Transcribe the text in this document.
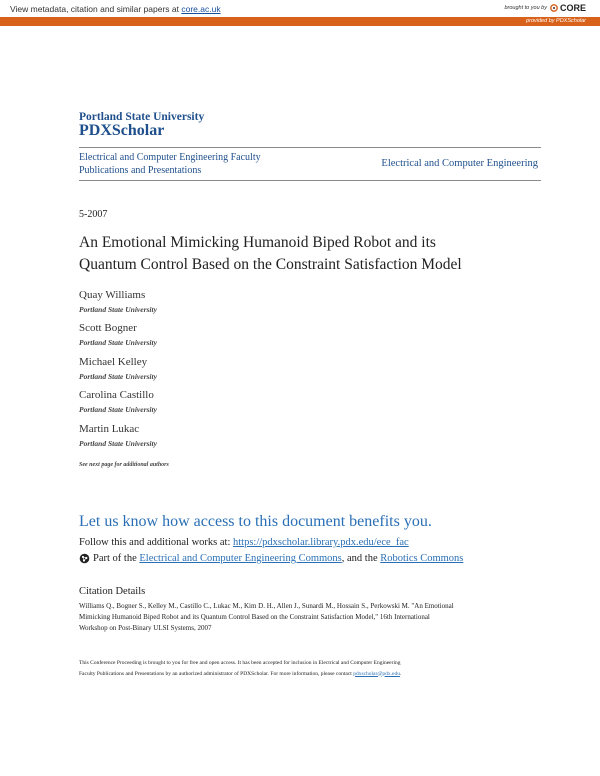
View metadata, citation and similar papers at core.ac.uk	brought to you by CORE
provided by PDXScholar
Portland State University
PDXScholar
Electrical and Computer Engineering Faculty
Publications and Presentations
Electrical and Computer Engineering
5-2007
An Emotional Mimicking Humanoid Biped Robot and its
Quantum Control Based on the Constraint Satisfaction Model
Quay Williams
Portland State University
Scott Bogner
Portland State University
Michael Kelley
Portland State University
Carolina Castillo
Portland State University
Martin Lukac
Portland State University
See next page for additional authors
Let us know how access to this document benefits you.
Follow this and additional works at: https://pdxscholar.library.pdx.edu/ece_fac
Part of the Electrical and Computer Engineering Commons, and the Robotics Commons
Citation Details
Williams Q., Bogner S., Kelley M., Castillo C., Lukac M., Kim D. H., Allen J., Sunardi M., Hossain S., Perkowski M. "An Emotional
Mimicking Humanoid Biped Robot and its Quantum Control Based on the Constraint Satisfaction Model," 16th International
Workshop on Post-Binary ULSI Systems, 2007
This Conference Proceeding is brought to you for free and open access. It has been accepted for inclusion in Electrical and Computer Engineering
Faculty Publications and Presentations by an authorized administrator of PDXScholar. For more information, please contact pdxscholar@pdx.edu.
